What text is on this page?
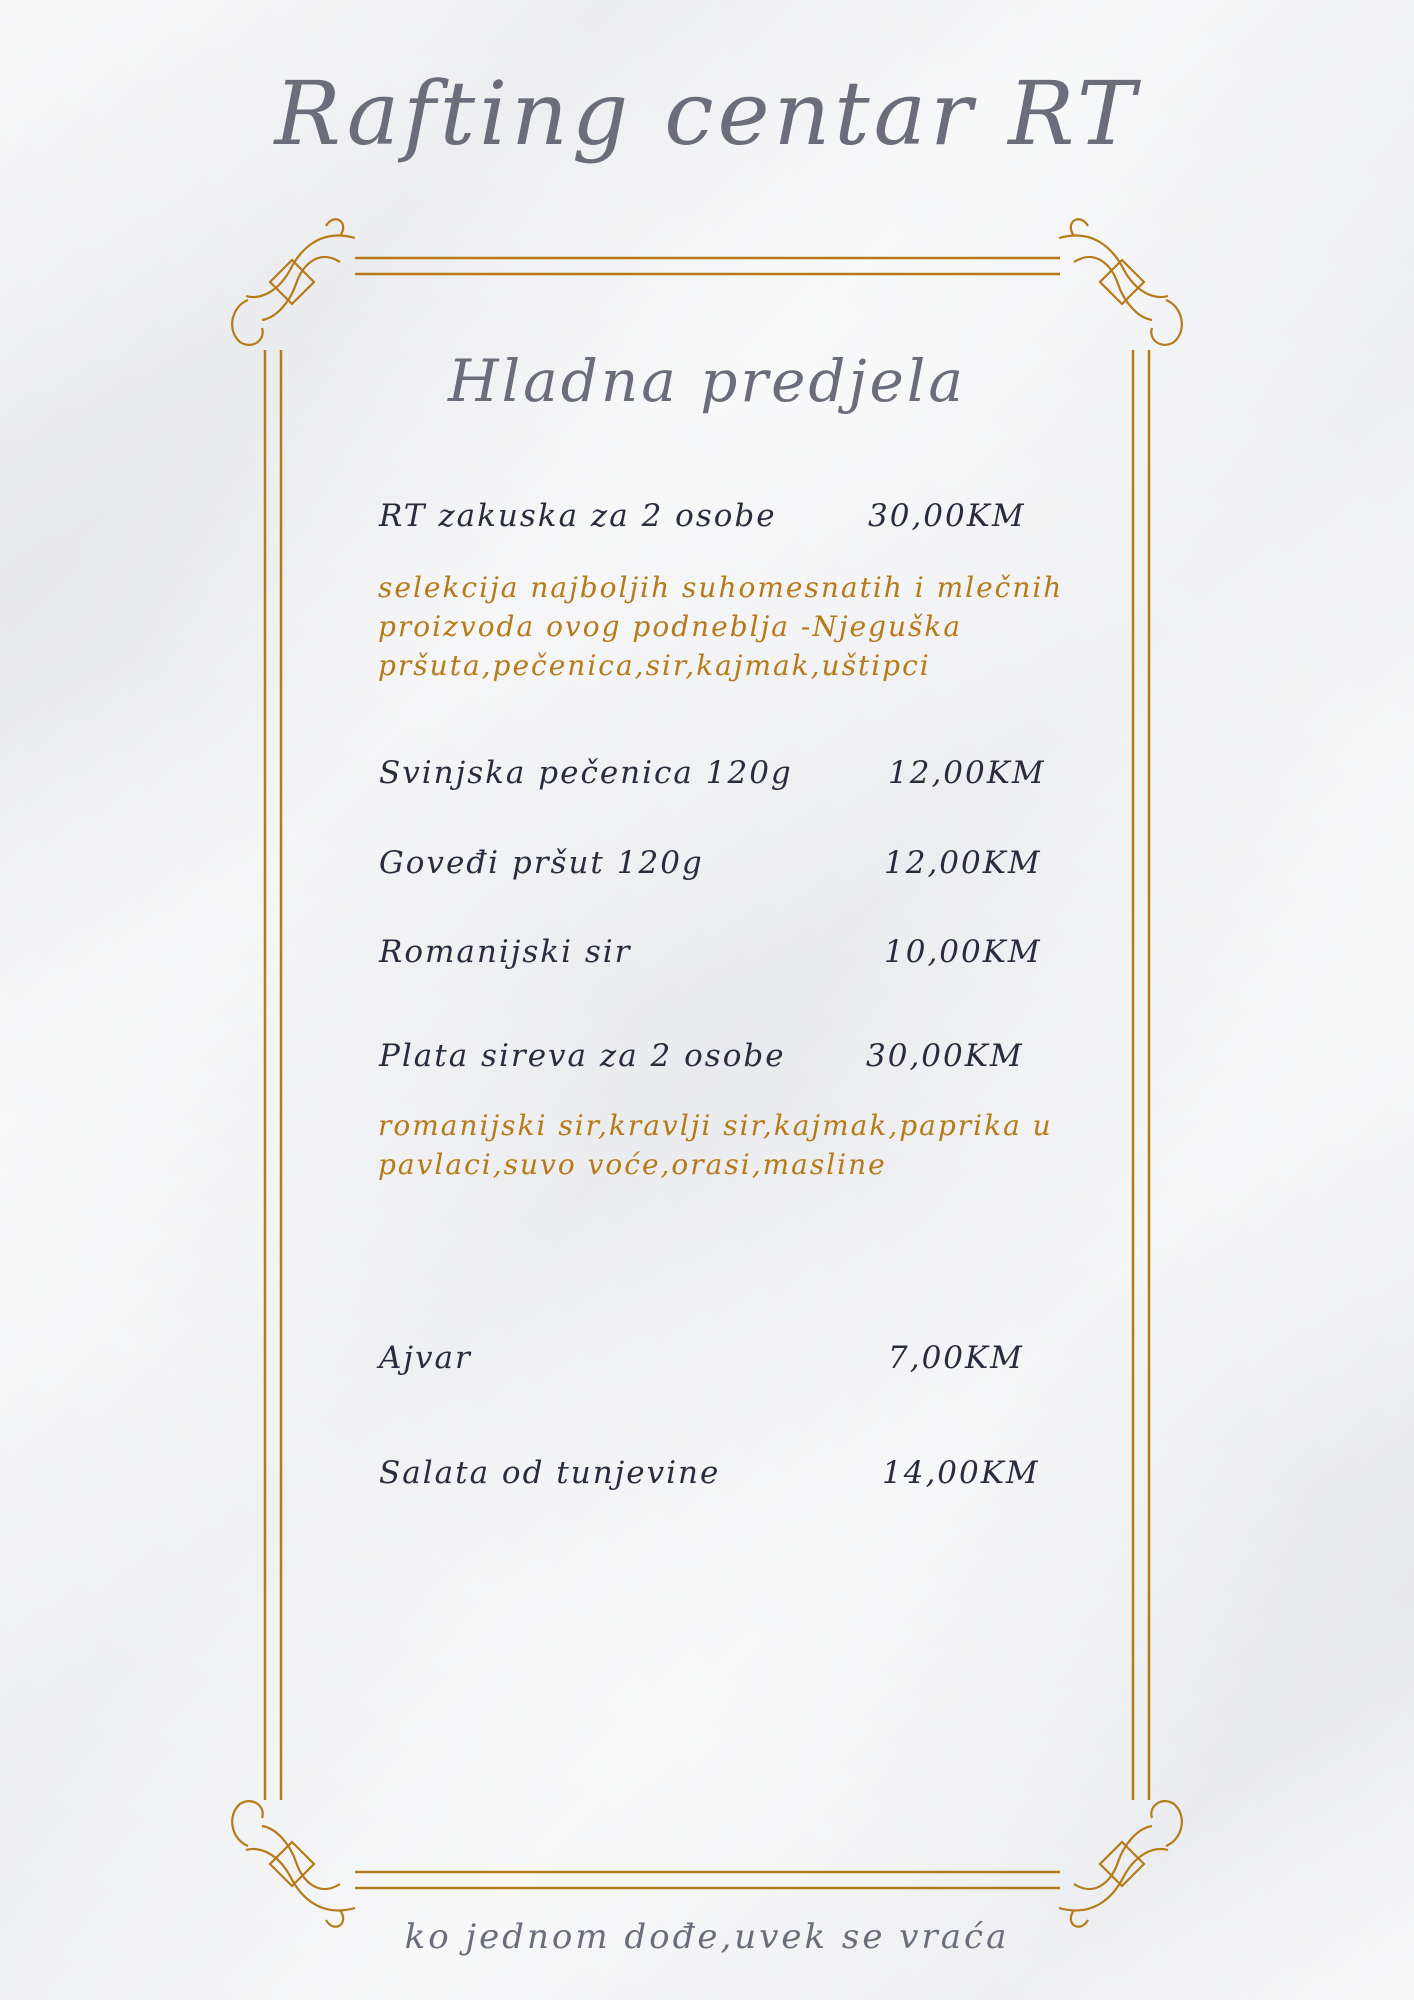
Rafting centar RT
Hladna predjela
RT zakuska za 2 osobe	30,00KM
selekcija najboljih suhomesnatih i mlečnih
proizvoda ovog podneblja -Njeguška
pršuta,pečenica,sir,kajmak,uštipci
Svinjska pečenica 120g	12,00KM
Goveđi pršut 120g	12,00KM
Romanijski sir	10,00KM
Plata sireva za 2 osobe	30,00KM
romanijski sir,kravlji sir,kajmak,paprika u
pavlaci,suvo voće,orasi,masline
Ajvar	7,00KM
Salata od tunjevine	14,00KM
ko jednom dođe,uvek se vraća
